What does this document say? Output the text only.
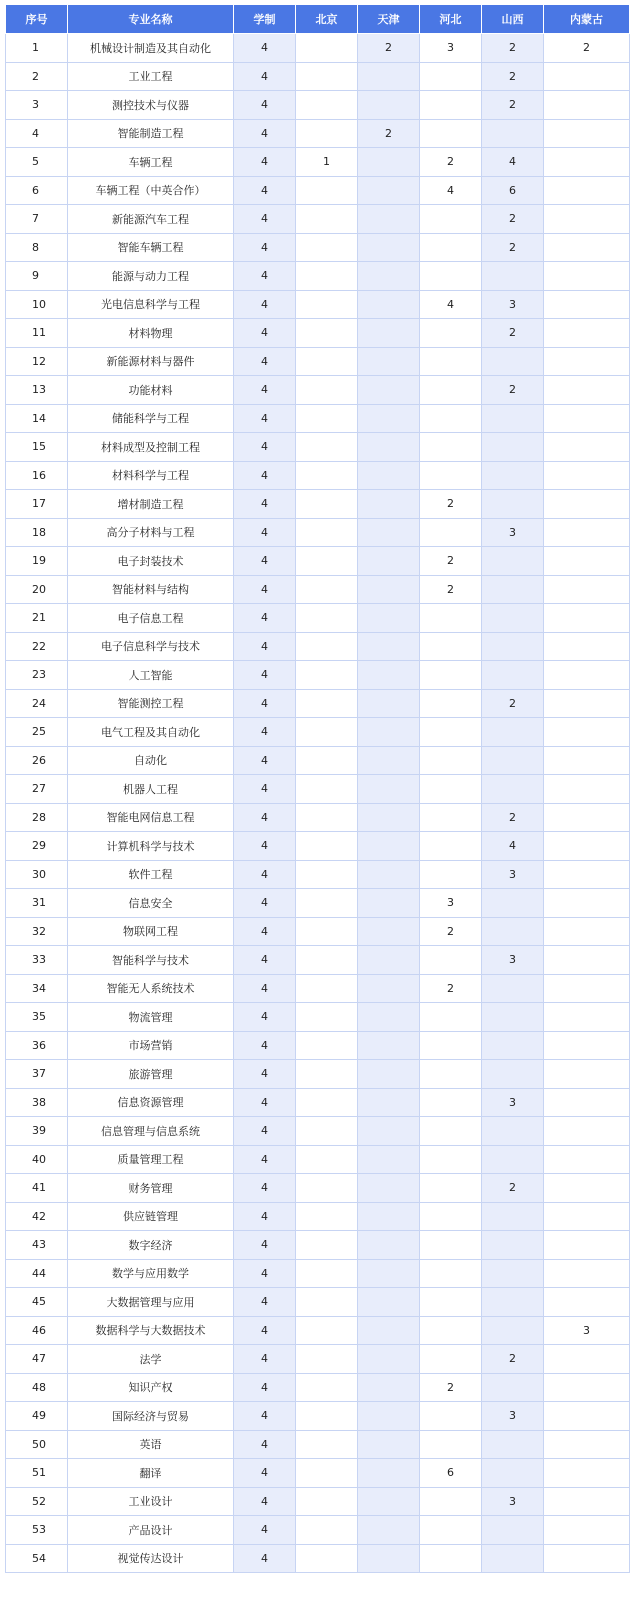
序号	专业名称	学制	北京	天津	河北	山西	内蒙古
1	机械设计制造及其自动化	4		2	3	2	2
2	工业工程	4				2	
3	测控技术与仪器	4				2	
4	智能制造工程	4		2			
5	车辆工程	4	1		2	4	
6	车辆工程（中英合作）	4			4	6	
7	新能源汽车工程	4				2	
8	智能车辆工程	4				2	
9	能源与动力工程	4					
10	光电信息科学与工程	4			4	3	
11	材料物理	4				2	
12	新能源材料与器件	4					
13	功能材料	4				2	
14	储能科学与工程	4					
15	材料成型及控制工程	4					
16	材料科学与工程	4					
17	增材制造工程	4			2		
18	高分子材料与工程	4				3	
19	电子封装技术	4			2		
20	智能材料与结构	4			2		
21	电子信息工程	4					
22	电子信息科学与技术	4					
23	人工智能	4					
24	智能测控工程	4				2	
25	电气工程及其自动化	4					
26	自动化	4					
27	机器人工程	4					
28	智能电网信息工程	4				2	
29	计算机科学与技术	4				4	
30	软件工程	4				3	
31	信息安全	4			3		
32	物联网工程	4			2		
33	智能科学与技术	4				3	
34	智能无人系统技术	4			2		
35	物流管理	4					
36	市场营销	4					
37	旅游管理	4					
38	信息资源管理	4				3	
39	信息管理与信息系统	4					
40	质量管理工程	4					
41	财务管理	4				2	
42	供应链管理	4					
43	数字经济	4					
44	数学与应用数学	4					
45	大数据管理与应用	4					
46	数据科学与大数据技术	4					3
47	法学	4				2	
48	知识产权	4			2		
49	国际经济与贸易	4				3	
50	英语	4					
51	翻译	4			6		
52	工业设计	4				3	
53	产品设计	4					
54	视觉传达设计	4					
